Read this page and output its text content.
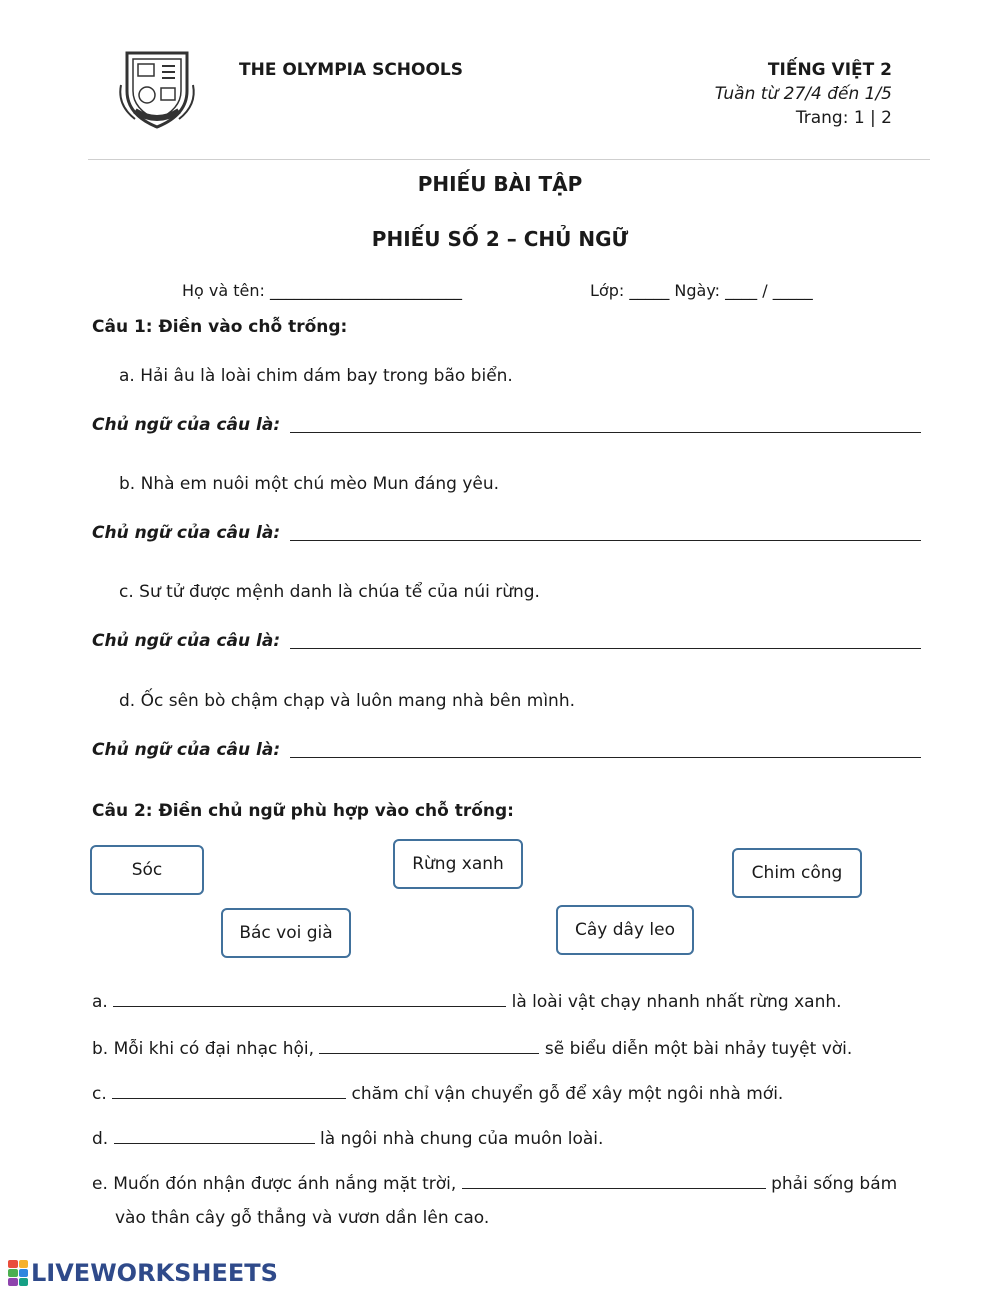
THE OLYMPIA SCHOOLS	TIẾNG VIỆT 2
Tuần từ 27/4 đến 1/5
Trang: 1 | 2
PHIẾU BÀI TẬP
PHIẾU SỐ 2 – CHỦ NGỮ
Họ và tên: ________________________	Lớp: _____ Ngày: ____ / _____
Câu 1: Điền vào chỗ trống:
a. Hải âu là loài chim dám bay trong bão biển.
Chủ ngữ của câu là:
b. Nhà em nuôi một chú mèo Mun đáng yêu.
Chủ ngữ của câu là:
c. Sư tử được mệnh danh là chúa tể của núi rừng.
Chủ ngữ của câu là:
d. Ốc sên bò chậm chạp và luôn mang nhà bên mình.
Chủ ngữ của câu là:
Câu 2: Điền chủ ngữ phù hợp vào chỗ trống:
Sóc	Rừng xanh	Chim công
Bác voi già	Cây dây leo
a.	là loài vật chạy nhanh nhất rừng xanh.
b. Mỗi khi có đại nhạc hội,	sẽ biểu diễn một bài nhảy tuyệt vời.
c.	chăm chỉ vận chuyển gỗ để xây một ngôi nhà mới.
d.	là ngôi nhà chung của muôn loài.
e. Muốn đón nhận được ánh nắng mặt trời,	phải sống bám
vào thân cây gỗ thẳng và vươn dần lên cao.
LIVEWORKSHEETS
